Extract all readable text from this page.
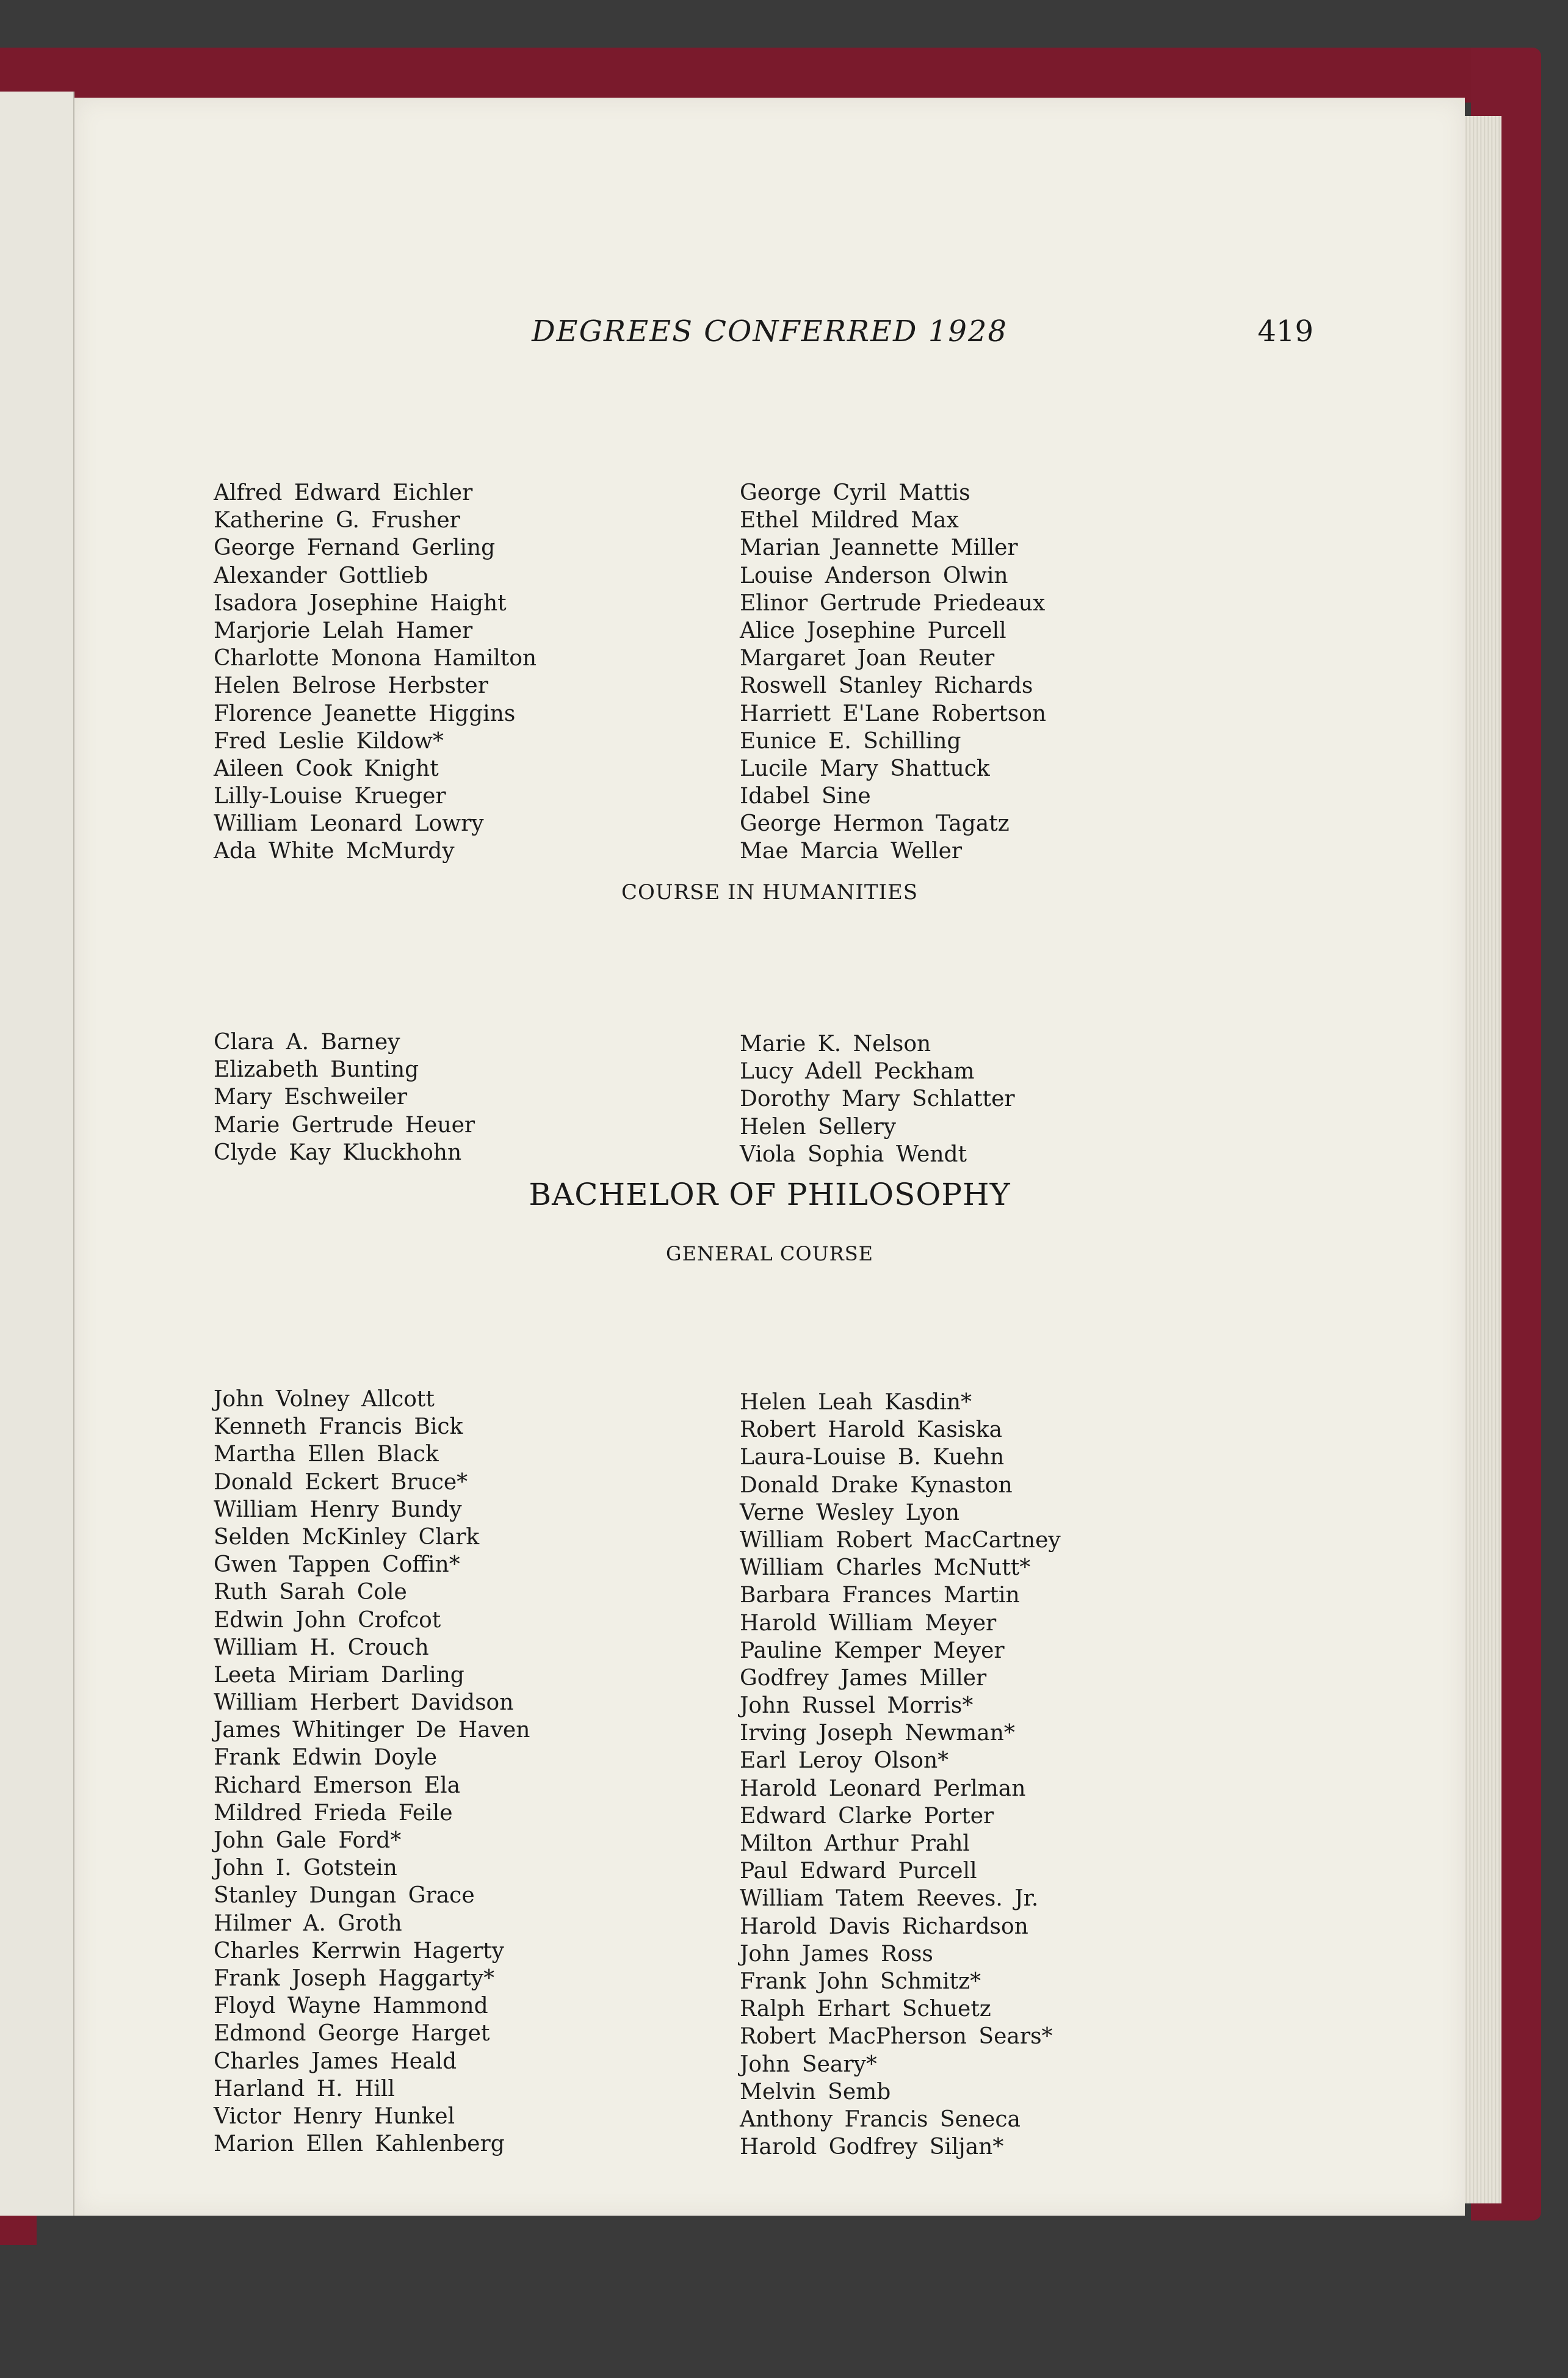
DEGREES CONFERRED 1928	419
Alfred Edward Eichler
Katherine G. Frusher
George Fernand Gerling
Alexander Gottlieb
Isadora Josephine Haight
Marjorie Lelah Hamer
Charlotte Monona Hamilton
Helen Belrose Herbster
Florence Jeanette Higgins
Fred Leslie Kildow*
Aileen Cook Knight
Lilly-Louise Krueger
William Leonard Lowry
Ada White McMurdy
George Cyril Mattis
Ethel Mildred Max
Marian Jeannette Miller
Louise Anderson Olwin
Elinor Gertrude Priedeaux
Alice Josephine Purcell
Margaret Joan Reuter
Roswell Stanley Richards
Harriett E'Lane Robertson
Eunice E. Schilling
Lucile Mary Shattuck
Idabel Sine
George Hermon Tagatz
Mae Marcia Weller
COURSE IN HUMANITIES
Clara A. Barney
Elizabeth Bunting
Mary Eschweiler
Marie Gertrude Heuer
Clyde Kay Kluckhohn
Marie K. Nelson
Lucy Adell Peckham
Dorothy Mary Schlatter
Helen Sellery
Viola Sophia Wendt
BACHELOR OF PHILOSOPHY
GENERAL COURSE
John Volney Allcott
Kenneth Francis Bick
Martha Ellen Black
Donald Eckert Bruce*
William Henry Bundy
Selden McKinley Clark
Gwen Tappen Coffin*
Ruth Sarah Cole
Edwin John Crofcot
William H. Crouch
Leeta Miriam Darling
William Herbert Davidson
James Whitinger De Haven
Frank Edwin Doyle
Richard Emerson Ela
Mildred Frieda Feile
John Gale Ford*
John I. Gotstein
Stanley Dungan Grace
Hilmer A. Groth
Charles Kerrwin Hagerty
Frank Joseph Haggarty*
Floyd Wayne Hammond
Edmond George Harget
Charles James Heald
Harland H. Hill
Victor Henry Hunkel
Marion Ellen Kahlenberg
Helen Leah Kasdin*
Robert Harold Kasiska
Laura-Louise B. Kuehn
Donald Drake Kynaston
Verne Wesley Lyon
William Robert MacCartney
William Charles McNutt*
Barbara Frances Martin
Harold William Meyer
Pauline Kemper Meyer
Godfrey James Miller
John Russel Morris*
Irving Joseph Newman*
Earl Leroy Olson*
Harold Leonard Perlman
Edward Clarke Porter
Milton Arthur Prahl
Paul Edward Purcell
William Tatem Reeves. Jr.
Harold Davis Richardson
John James Ross
Frank John Schmitz*
Ralph Erhart Schuetz
Robert MacPherson Sears*
John Seary*
Melvin Semb
Anthony Francis Seneca
Harold Godfrey Siljan*
